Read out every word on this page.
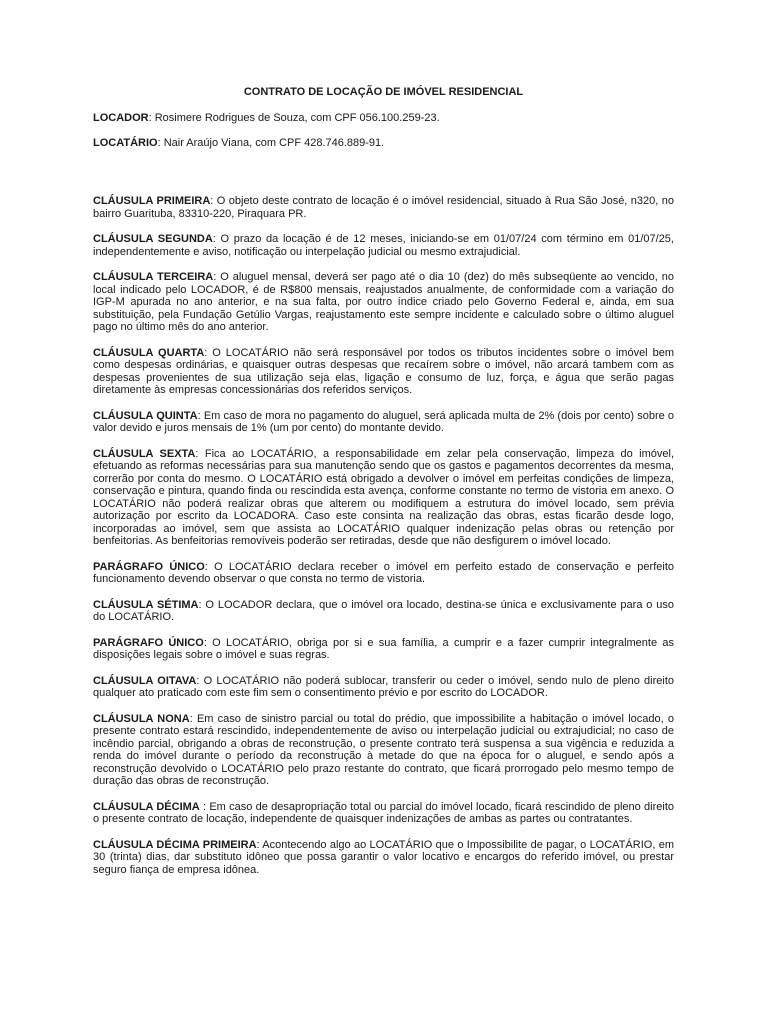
CONTRATO DE LOCAÇÃO DE IMÓVEL RESIDENCIAL
LOCADOR: Rosimere Rodrigues de Souza, com CPF 056.100.259-23.
LOCATÁRIO: Nair Araújo Viana, com CPF 428.746.889-91.
CLÁUSULA PRIMEIRA: O objeto deste contrato de locação é o imóvel residencial, situado à Rua São José, n320, no bairro Guarituba, 83310-220, Piraquara PR.
CLÁUSULA SEGUNDA: O prazo da locação é de 12 meses, iniciando-se em 01/07/24 com término em 01/07/25, independentemente e aviso, notificação ou interpelação judicial ou mesmo extrajudicial.
CLÁUSULA TERCEIRA: O aluguel mensal, deverá ser pago até o dia 10 (dez) do mês subseqüente ao vencido, no local indicado pelo LOCADOR, é de R$800 mensais, reajustados anualmente, de conformidade com a variação do IGP-M apurada no ano anterior, e na sua falta, por outro índice criado pelo Governo Federal e, ainda, em sua substituição, pela Fundação Getúlio Vargas, reajustamento este sempre incidente e calculado sobre o último aluguel pago no último mês do ano anterior.
CLÁUSULA QUARTA: O LOCATÁRIO não será responsável por todos os tributos incidentes sobre o imóvel bem como despesas ordinárias, e quaisquer outras despesas que recaírem sobre o imóvel, não arcará tambem com as despesas provenientes de sua utilização seja elas, ligação e consumo de luz, força, e água que serão pagas diretamente às empresas concessionárias dos referidos serviços.
CLÁUSULA QUINTA: Em caso de mora no pagamento do aluguel, será aplicada multa de 2% (dois por cento) sobre o valor devido e juros mensais de 1% (um por cento) do montante devido.
CLÁUSULA SEXTA: Fica ao LOCATÁRIO, a responsabilidade em zelar pela conservação, limpeza do imóvel, efetuando as reformas necessárias para sua manutenção sendo que os gastos e pagamentos decorrentes da mesma, correrão por conta do mesmo. O LOCATÁRIO está obrigado a devolver o imóvel em perfeitas condições de limpeza, conservação e pintura, quando finda ou rescindida esta avença, conforme constante no termo de vistoria em anexo. O LOCATÁRIO não poderá realizar obras que alterem ou modifiquem a estrutura do imóvel locado, sem prévia autorização por escrito da LOCADORA. Caso este consinta na realização das obras, estas ficarão desde logo, incorporadas ao imóvel, sem que assista ao LOCATÁRIO qualquer indenização pelas obras ou retenção por benfeitorias. As benfeitorias removíveis poderão ser retiradas, desde que não desfigurem o imóvel locado.
PARÁGRAFO ÚNICO: O LOCATÁRIO declara receber o imóvel em perfeito estado de conservação e perfeito funcionamento devendo observar o que consta no termo de vistoria.
CLÁUSULA SÉTIMA: O LOCADOR declara, que o imóvel ora locado, destina-se única e exclusivamente para o uso do LOCATÁRIO.
PARÁGRAFO ÚNICO: O LOCATÁRIO, obriga por si e sua família, a cumprir e a fazer cumprir integralmente as disposições legais sobre o imóvel e suas regras.
CLÁUSULA OITAVA: O LOCATÁRIO não poderá sublocar, transferir ou ceder o imóvel, sendo nulo de pleno direito qualquer ato praticado com este fim sem o consentimento prévio e por escrito do LOCADOR.
CLÁUSULA NONA: Em caso de sinistro parcial ou total do prédio, que impossibilite a habitação o imóvel locado, o presente contrato estará rescindido, independentemente de aviso ou interpelação judicial ou extrajudicial; no caso de incêndio parcial, obrigando a obras de reconstrução, o presente contrato terá suspensa a sua vigência e reduzida a renda do imóvel durante o período da reconstrução à metade do que na época for o aluguel, e sendo após a reconstrução devolvido o LOCATÁRIO pelo prazo restante do contrato, que ficará prorrogado pelo mesmo tempo de duração das obras de reconstrução.
CLÁUSULA DÉCIMA : Em caso de desapropriação total ou parcial do imóvel locado, ficará rescindido de pleno direito o presente contrato de locação, independente de quaisquer indenizações de ambas as partes ou contratantes.
CLÁUSULA DÉCIMA PRIMEIRA: Acontecendo algo ao LOCATÁRIO que o Impossibilite de pagar, o LOCATÁRIO, em 30 (trinta) dias, dar substituto idôneo que possa garantir o valor locativo e encargos do referido imóvel, ou prestar seguro fiança de empresa idônea.
